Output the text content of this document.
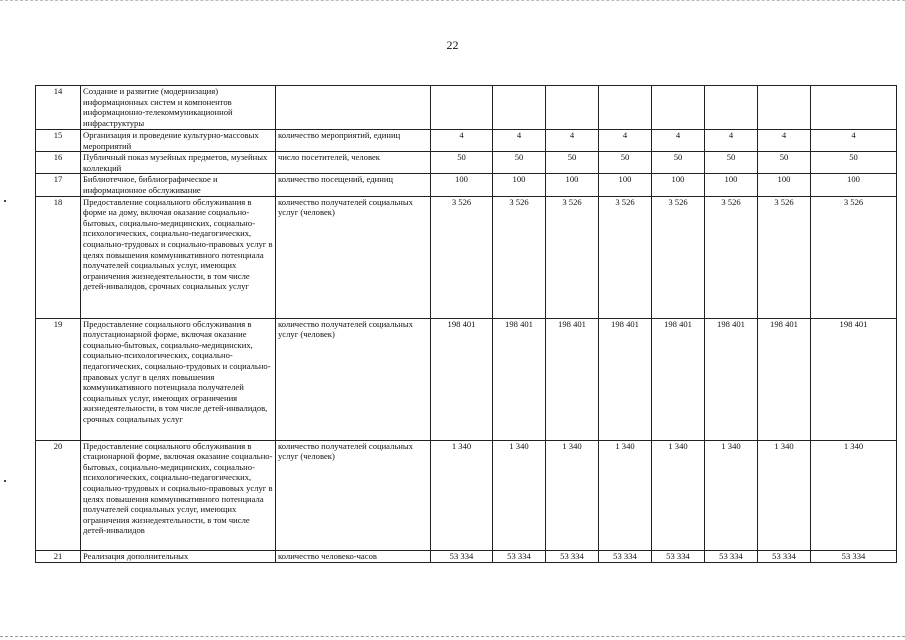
22
14	Создание и развитие (модернизация) информационных систем и компонентов информационно-телекоммуникационной инфраструктуры									
15	Организация и проведение культурно-массовых мероприятий	количество мероприятий, единиц	4	4	4	4	4	4	4	4
16	Публичный показ музейных предметов, музейных коллекций	число посетителей, человек	50	50	50	50	50	50	50	50
17	Библиотечное, библиографическое и информационное обслуживание	количество посещений, единиц	100	100	100	100	100	100	100	100
18	Предоставление социального обслуживания в форме на дому, включая оказание социально-бытовых, социально-медицинских, социально-психологических, социально-педагогических, социально-трудовых и социально-правовых услуг в целях повышения коммуникативного потенциала получателей социальных услуг, имеющих ограничения жизнедеятельности, в том числе детей-инвалидов, срочных социальных услуг	количество получателей социальных услуг (человек)	3 526	3 526	3 526	3 526	3 526	3 526	3 526	3 526
19	Предоставление социального обслуживания в полустационарной форме, включая оказание социально-бытовых, социально-медицинских, социально-психологических, социально-педагогических, социально-трудовых и социально-правовых услуг в целях повышения коммуникативного потенциала получателей социальных услуг, имеющих ограничения жизнедеятельности, в том числе детей-инвалидов, срочных социальных услуг	количество получателей социальных услуг (человек)	198 401	198 401	198 401	198 401	198 401	198 401	198 401	198 401
20	Предоставление социального обслуживания в стационарной форме, включая оказание социально-бытовых, социально-медицинских, социально-психологических, социально-педагогических, социально-трудовых и социально-правовых услуг в целях повышения коммуникативного потенциала получателей социальных услуг, имеющих ограничения жизнедеятельности, в том числе детей-инвалидов	количество получателей социальных услуг (человек)	1 340	1 340	1 340	1 340	1 340	1 340	1 340	1 340
21	Реализация дополнительных	количество человеко-часов	53 334	53 334	53 334	53 334	53 334	53 334	53 334	53 334
